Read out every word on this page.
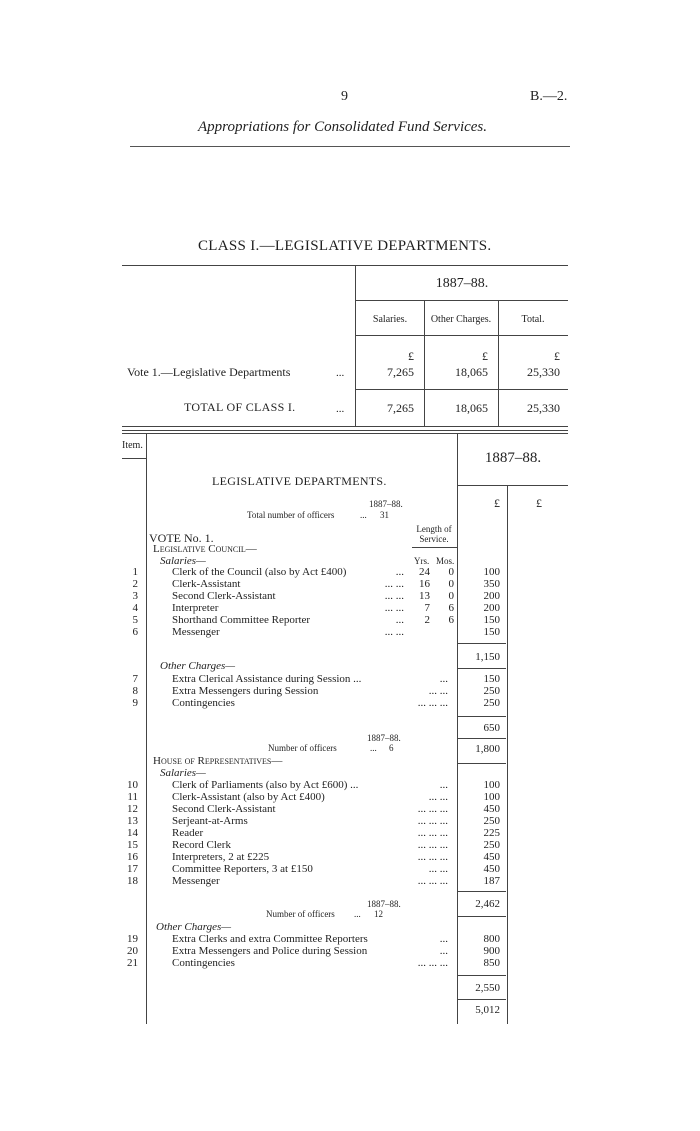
9	B.—2.
Appropriations for Consolidated Fund Services.
CLASS I.—LEGISLATIVE DEPARTMENTS.
1887–88.
Salaries.	Other Charges.	Total.
£	£	£
Vote 1.—Legislative Departments	...	7,265	18,065	25,330
TOTAL OF CLASS I.	...	7,265	18,065	25,330
Item.
1887–88.
£	£
LEGISLATIVE DEPARTMENTS.
1887–88.
Total number of officers	... 31
Length of
Service.
VOTE No. 1.
Legislative Council—
Salaries—	Yrs. Mos.
1	Clerk of the Council (also by Act £400)	...	24	0	100
2	Clerk-Assistant	... ...	16	0	350
3	Second Clerk-Assistant	... ...	13	0	200
4	Interpreter	... ...	7	6	200
5	Shorthand Committee Reporter	...	2	6	150
6	Messenger	... ...	150
1,150
Other Charges—
7	Extra Clerical Assistance during Session ...	...	150
8	Extra Messengers during Session	... ...	250
9	Contingencies	... ... ...	250
650
1,800
1887–88.
Number of officers	... 6
House of Representatives—
Salaries—
10	Clerk of Parliaments (also by Act £600) ...	...	100
11	Clerk-Assistant (also by Act £400)	... ...	100
12	Second Clerk-Assistant	... ... ...	450
13	Serjeant-at-Arms	... ... ...	250
14	Reader	... ... ...	225
15	Record Clerk	... ... ...	250
16	Interpreters, 2 at £225	... ... ...	450
17	Committee Reporters, 3 at £150	... ...	450
18	Messenger	... ... ...	187
2,462
1887–88.
Number of officers ... 12
Other Charges—
19	Extra Clerks and extra Committee Reporters	...	800
20	Extra Messengers and Police during Session	...	900
21	Contingencies	... ... ...	850
2,550
5,012
